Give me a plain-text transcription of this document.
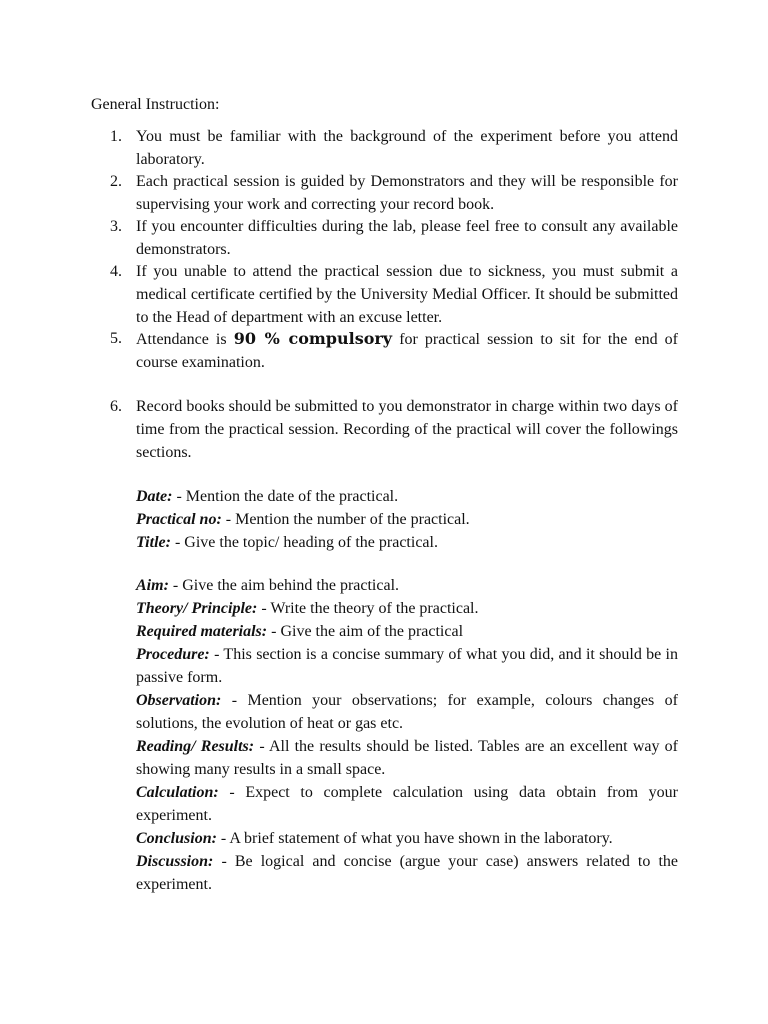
General Instruction:
1. You must be familiar with the background of the experiment before you attend laboratory.
2. Each practical session is guided by Demonstrators and they will be responsible for supervising your work and correcting your record book.
3. If you encounter difficulties during the lab, please feel free to consult any available demonstrators.
4. If you unable to attend the practical session due to sickness, you must submit a medical certificate certified by the University Medial Officer. It should be submitted to the Head of department with an excuse letter.
5. Attendance is 90 % compulsory for practical session to sit for the end of course examination.
6. Record books should be submitted to you demonstrator in charge within two days of time from the practical session. Recording of the practical will cover the followings sections.

Date: - Mention the date of the practical.

Practical no: - Mention the number of the practical.

Title: - Give the topic/ heading of the practical.

Aim: - Give the aim behind the practical.

Theory/ Principle: - Write the theory of the practical.

Required materials: - Give the aim of the practical

Procedure: - This section is a concise summary of what you did, and it should be in passive form.

Observation: - Mention your observations; for example, colours changes of solutions, the evolution of heat or gas etc.

Reading/ Results: - All the results should be listed. Tables are an excellent way of showing many results in a small space.

Calculation: - Expect to complete calculation using data obtain from your experiment.

Conclusion: - A brief statement of what you have shown in the laboratory.

Discussion: - Be logical and concise (argue your case) answers related to the experiment.
